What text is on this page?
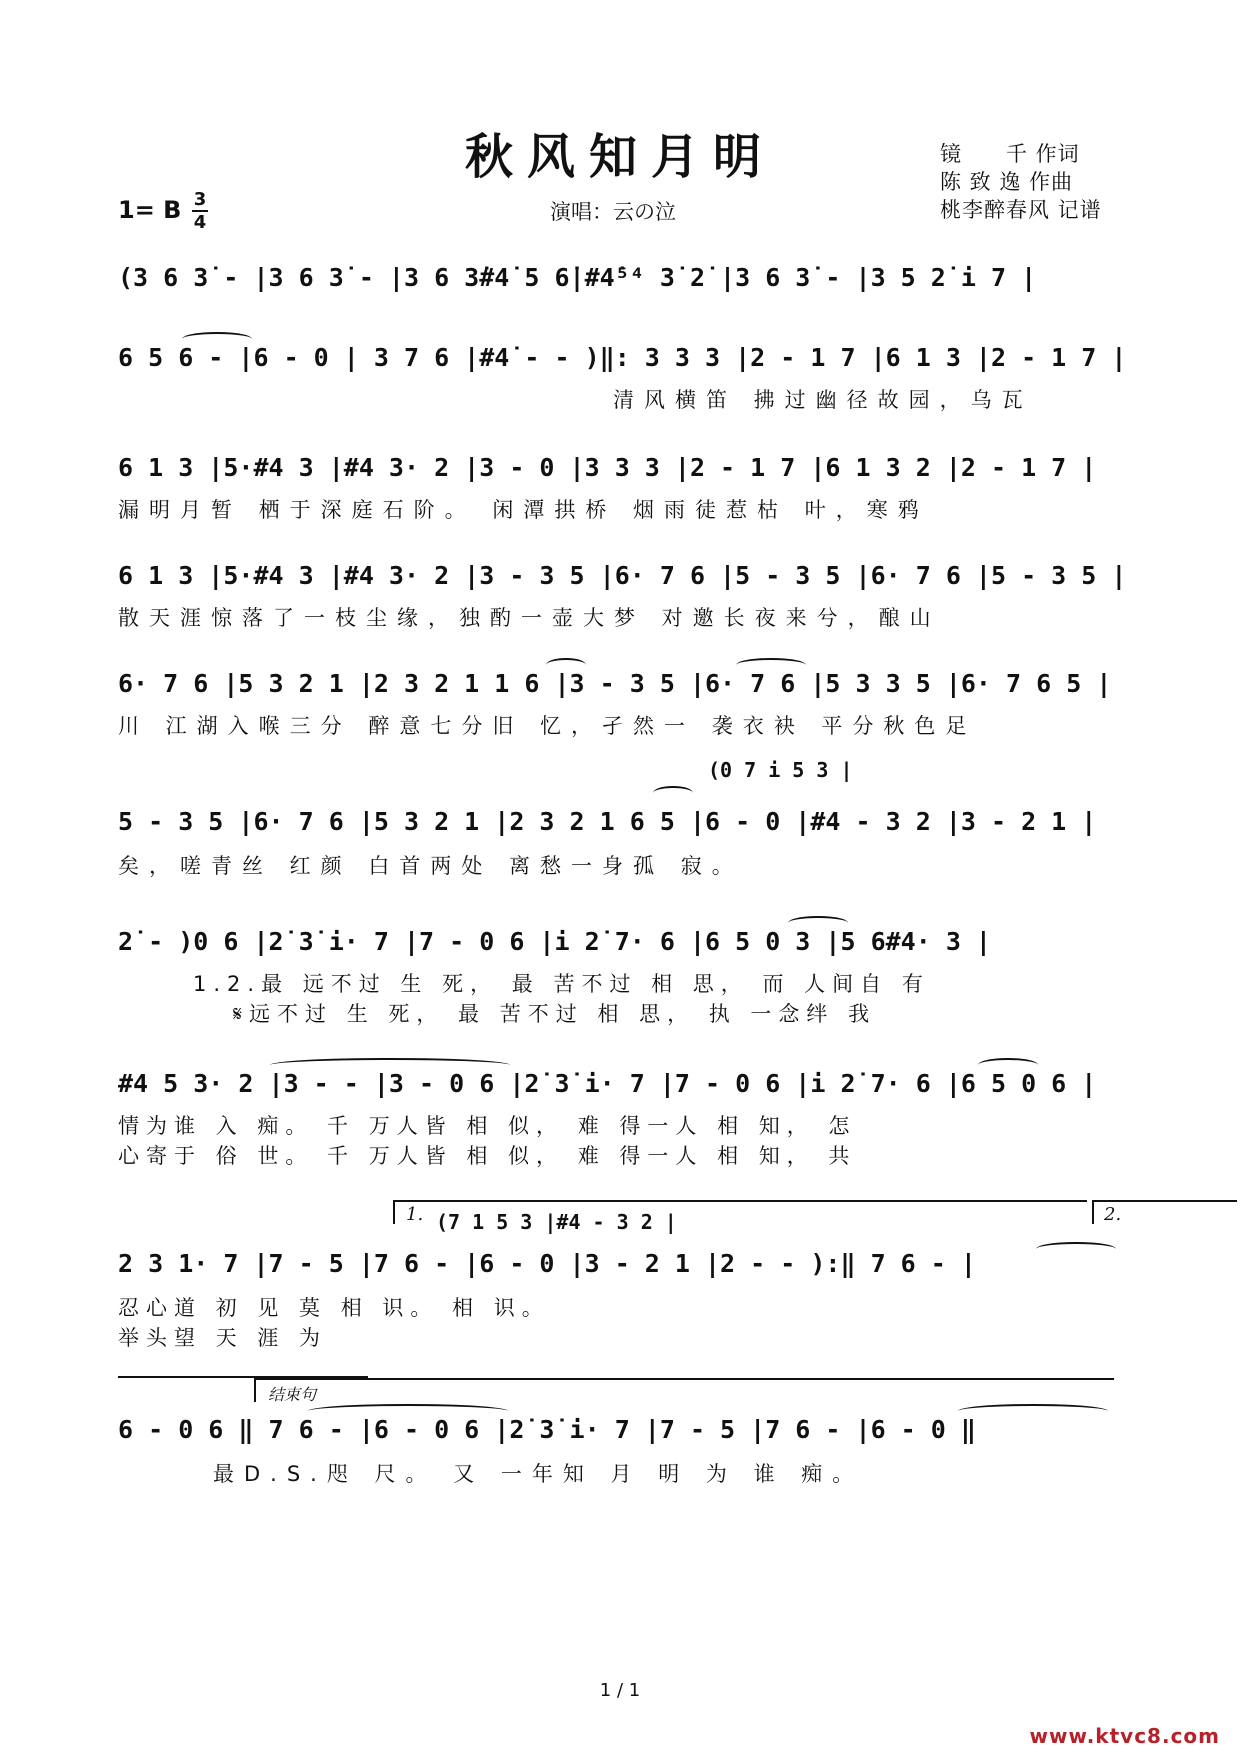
秋风知月明	镜　　千 作词
陈 致 逸 作曲
桃李醉春风 记谱
1= B 3
4	演唱：云の泣
(3 6 3̇ - |3 6 3̇ - |3 6 3̇#4̇ 5 6̇|#4̇⁵⁴ 3̇ 2̇ |3 6 3̇ - |3 5 2̇ i 7 |
6 5 6 - |6 - 0 | 3 7 6 |#4̇ - - )‖: 3 3 3 |2 - 1 7 |6 1 3 |2 - 1 7 |
清风横笛 拂过幽径故园，乌瓦
6 1 3 |5·#4 3 |#4 3· 2 |3 - 0 |3 3 3 |2 - 1 7 |6 1 3 2 |2 - 1 7 |
漏明月暂 栖于深庭石阶。 闲潭拱桥 烟雨徒惹枯 叶，寒鸦
6 1 3 |5·#4 3 |#4 3· 2 |3 - 3 5 |6· 7 6 |5 - 3 5 |6· 7 6 |5 - 3 5 |
散天涯惊落了一枝尘缘，独酌一壶大梦 对邀长夜来兮，酿山
6· 7 6 |5 3 2 1 |2 3 2 1 1 6 |3 - 3 5 |6· 7 6 |5 3 3 5 |6· 7 6 5 |
川 江湖入喉三分 醉意七分旧 忆，孑然一 袭衣袂 平分秋色足
(0 7 i 5 3 |
5 - 3 5 |6· 7 6 |5 3 2 1 |2 3 2 1 6 5 |6 - 0 |#4 - 3 2 |3 - 2 1 |
矣，嗟青丝 红颜 白首两处 离愁一身孤 寂。
2̇ - )0 6 |2̇ 3̇ i· 7 |7 - 0 6 |i 2̇ 7· 6 |6 5 0 3 |5 6#4· 3 |
1.2.最 远不过 生 死， 最 苦不过 相 思， 而 人间自 有
𝄋远不过 生 死， 最 苦不过 相 思， 执 一念绊 我
#4 5 3· 2 |3 - - |3 - 0 6 |2̇ 3̇ i· 7 |7 - 0 6 |i 2̇ 7· 6 |6 5 0 6 |
情为谁 入 痴。 千 万人皆 相 似， 难 得一人 相 知， 怎
心寄于 俗 世。 千 万人皆 相 似， 难 得一人 相 知， 共
1.	2.
(7 1 5 3 |#4 - 3 2 |
2 3 1· 7 |7 - 5 |7 6 - |6 - 0 |3 - 2 1 |2 - - ):‖ 7 6 - |
忍心道 初 见 莫 相 识。 相 识。
举头望 天 涯 为
结束句
6 - 0 6 ‖ 7 6 - |6 - 0 6 |2̇ 3̇ i· 7 |7 - 5 |7 6 - |6 - 0 ‖
最D.S.咫 尺。 又 一年知 月 明 为 谁 痴。
1 / 1
www.ktvc8.com
